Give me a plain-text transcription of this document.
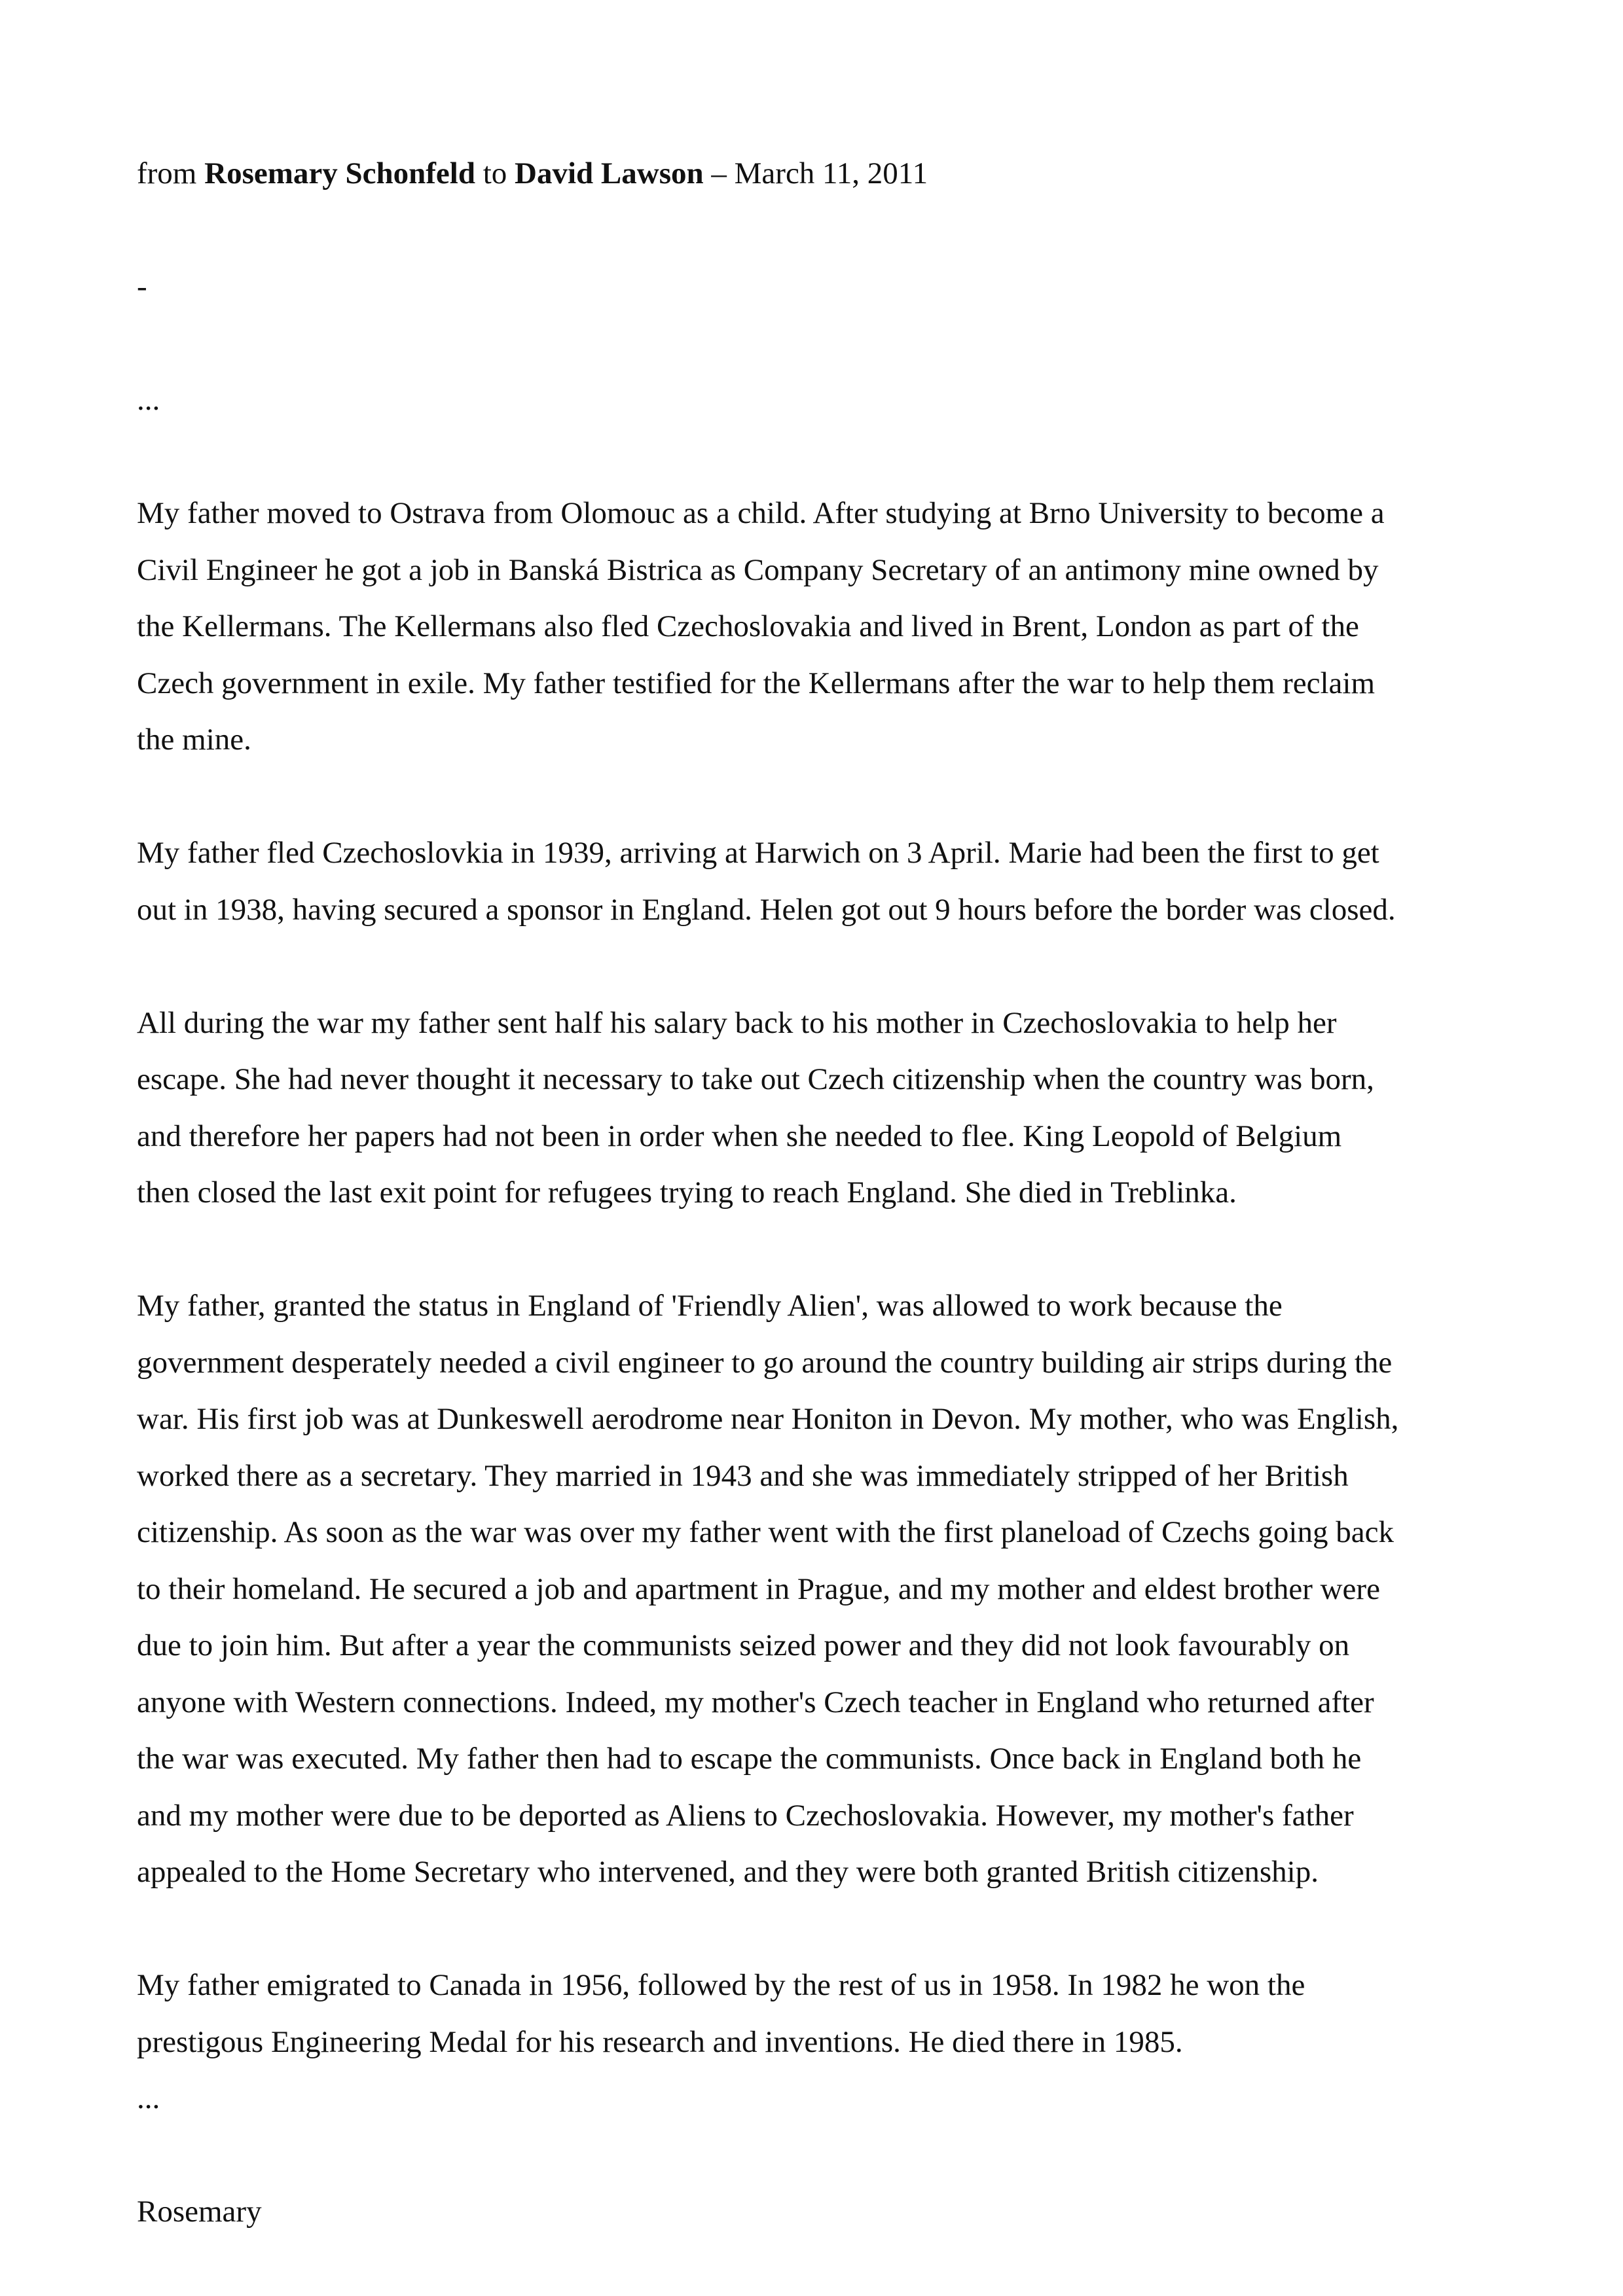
from Rosemary Schonfeld to David Lawson – March 11, 2011
-
...
My father moved to Ostrava from Olomouc as a child. After studying at Brno University to become a
Civil Engineer he got a job in Banská Bistrica as Company Secretary of an antimony mine owned by
the Kellermans. The Kellermans also fled Czechoslovakia and lived in Brent, London as part of the
Czech government in exile. My father testified for the Kellermans after the war to help them reclaim
the mine.
My father fled Czechoslovkia in 1939, arriving at Harwich on 3 April. Marie had been the first to get
out in 1938, having secured a sponsor in England. Helen got out 9 hours before the border was closed.
All during the war my father sent half his salary back to his mother in Czechoslovakia to help her
escape. She had never thought it necessary to take out Czech citizenship when the country was born,
and therefore her papers had not been in order when she needed to flee. King Leopold of Belgium
then closed the last exit point for refugees trying to reach England. She died in Treblinka.
My father, granted the status in England of 'Friendly Alien', was allowed to work because the
government desperately needed a civil engineer to go around the country building air strips during the
war. His first job was at Dunkeswell aerodrome near Honiton in Devon. My mother, who was English,
worked there as a secretary. They married in 1943 and she was immediately stripped of her British
citizenship. As soon as the war was over my father went with the first planeload of Czechs going back
to their homeland. He secured a job and apartment in Prague, and my mother and eldest brother were
due to join him. But after a year the communists seized power and they did not look favourably on
anyone with Western connections. Indeed, my mother's Czech teacher in England who returned after
the war was executed. My father then had to escape the communists. Once back in England both he
and my mother were due to be deported as Aliens to Czechoslovakia. However, my mother's father
appealed to the Home Secretary who intervened, and they were both granted British citizenship.
My father emigrated to Canada in 1956, followed by the rest of us in 1958. In 1982 he won the
prestigous Engineering Medal for his research and inventions. He died there in 1985.
...
Rosemary
